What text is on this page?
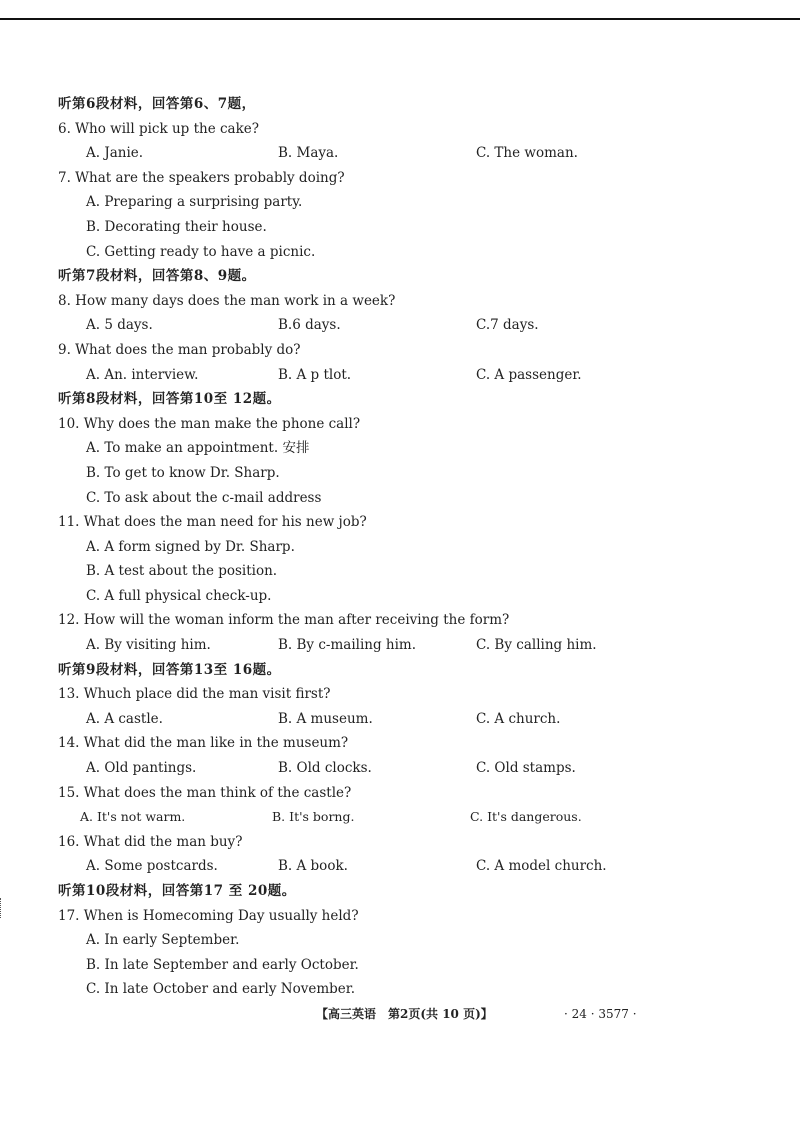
听第6段材料，回答第6、7题，
6. Who will pick up the cake?
A. Janie.	B. Maya.	C. The woman.
7. What are the speakers probably doing?
A. Preparing a surprising party.
B. Decorating their house.
C. Getting ready to have a picnic.
听第7段材料，回答第8、9题。
8. How many days does the man work in a week?
A. 5 days.	B.6 days.	C.7 days.
9. What does the man probably do?
A. An. interview.	B. A p tlot.	C. A passenger.
听第8段材料，回答第10至 12题。
10. Why does the man make the phone call?
A. To make an appointment. 安排
B. To get to know Dr. Sharp.
C. To ask about the c-mail address
11. What does the man need for his new job?
A. A form signed by Dr. Sharp.
B. A test about the position.
C. A full physical check-up.
12. How will the woman inform the man after receiving the form?
A. By visiting him.	B. By c-mailing him.	C. By calling him.
听第9段材料，回答第13至 16题。
13. Whuch place did the man visit first?
A. A castle.	B. A museum.	C. A church.
14. What did the man like in the museum?
A. Old pantings.	B. Old clocks.	C. Old stamps.
15. What does the man think of the castle?
A. It's not warm.	B. It's borng.	C. It's dangerous.
16. What did the man buy?
A. Some postcards.	B. A book.	C. A model church.
听第10段材料，回答第17 至 20题。
17. When is Homecoming Day usually held?
A. In early September.
B. In late September and early October.
C. In late October and early November.
【高三英语　第2页(共 10 页)】	· 24 · 3577 ·
